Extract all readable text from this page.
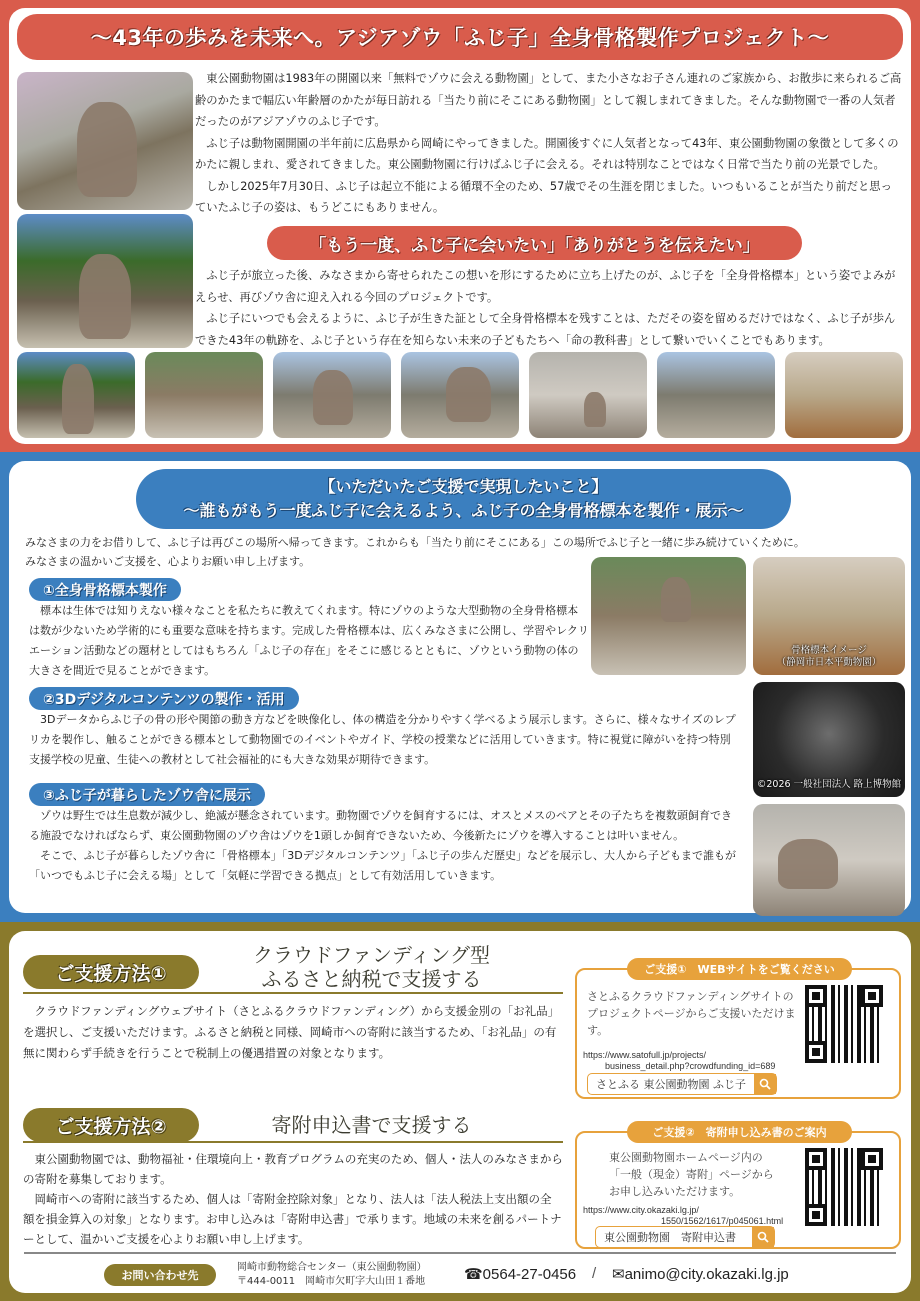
～43年の歩みを未来へ。アジアゾウ「ふじ子」全身骨格製作プロジェクト～

東公園動物園は1983年の開園以来「無料でゾウに会える動物園」として、また小さなお子さん連れのご家族から、お散歩に来られるご高齢のかたまで幅広い年齢層のかたが毎日訪れる「当たり前にそこにある動物園」として親しまれてきました。そんな動物園で一番の人気者だったのがアジアゾウのふじ子です。

ふじ子は動物園開園の半年前に広島県から岡崎にやってきました。開園後すぐに人気者となって43年、東公園動物園の象徴として多くのかたに親しまれ、愛されてきました。東公園動物園に行けばふじ子に会える。それは特別なことではなく日常で当たり前の光景でした。

しかし2025年7月30日、ふじ子は起立不能による循環不全のため、57歳でその生涯を閉じました。いつもいることが当たり前だと思っていたふじ子の姿は、もうどこにもありません。

「もう一度、ふじ子に会いたい」「ありがとうを伝えたい」

ふじ子が旅立った後、みなさまから寄せられたこの想いを形にするために立ち上げたのが、ふじ子を「全身骨格標本」という姿でよみがえらせ、再びゾウ舎に迎え入れる今回のプロジェクトです。

ふじ子にいつでも会えるように、ふじ子が生きた証として全身骨格標本を残すことは、ただその姿を留めるだけではなく、ふじ子が歩んできた43年の軌跡を、ふじ子という存在を知らない未来の子どもたちへ「命の教科書」として繋いでいくことでもあります。

【いただいたご支援で実現したいこと】
～誰もがもう一度ふじ子に会えるよう、ふじ子の全身骨格標本を製作・展示～
みなさまの力をお借りして、ふじ子は再びこの場所へ帰ってきます。これからも「当たり前にそこにある」この場所でふじ子と一緒に歩み続けていくために。
みなさまの温かいご支援を、心よりお願い申し上げます。
①全身骨格標本製作

標本は生体では知りえない様々なことを私たちに教えてくれます。特にゾウのような大型動物の全身骨格標本は数が少ないため学術的にも重要な意味を持ちます。完成した骨格標本は、広くみなさまに公開し、学習やレクリエーション活動などの題材としてはもちろん「ふじ子の存在」をそこに感じるとともに、ゾウという動物の体の大きさを間近で見ることができます。

②3Dデジタルコンテンツの製作・活用

3Dデータからふじ子の骨の形や関節の動き方などを映像化し、体の構造を分かりやすく学べるよう展示します。さらに、様々なサイズのレプリカを製作し、触ることができる標本として動物園でのイベントやガイド、学校の授業などに活用していきます。特に視覚に障がいを持つ特別支援学校の児童、生徒への教材として社会福祉的にも大きな効果が期待できます。

③ふじ子が暮らしたゾウ舎に展示

ゾウは野生では生息数が減少し、絶滅が懸念されています。動物園でゾウを飼育するには、オスとメスのペアとその子たちを複数頭飼育できる施設でなければならず、東公園動物園のゾウ舎はゾウを1頭しか飼育できないため、今後新たにゾウを導入することは叶いません。

そこで、ふじ子が暮らしたゾウ舎に「骨格標本」「3Dデジタルコンテンツ」「ふじ子の歩んだ歴史」などを展示し、大人から子どもまで誰もが「いつでもふじ子に会える場」として「気軽に学習できる拠点」として有効活用していきます。

骨格標本イメージ
（静岡市日本平動物園）
©2026 一般社団法人 路上博物館
ご支援方法①
クラウドファンディング型
ふるさと納税で支援する

クラウドファンディングウェブサイト（さとふるクラウドファンディング）から支援金別の「お礼品」を選択し、ご支援いただけます。ふるさと納税と同様、岡崎市への寄附に該当するため、「お礼品」の有無に関わらず手続きを行うことで税制上の優遇措置の対象となります。

ご支援①　WEBサイトをご覧ください
さとふるクラウドファンディングサイトのプロジェクトページからご支援いただけます。
https://www.satofull.jp/projects/
business_detail.php?crowdfunding_id=689
さとふる 東公園動物園 ふじ子
ご支援方法②	寄附申込書で支援する

東公園動物園では、動物福祉・住環境向上・教育プログラムの充実のため、個人・法人のみなさまからの寄附を募集しております。

岡崎市への寄附に該当するため、個人は「寄附金控除対象」となり、法人は「法人税法上支出額の全額を損金算入の対象」となります。お申し込みは「寄附申込書」で承ります。地域の未来を創るパートナーとして、温かいご支援を心よりお願い申し上げます。

ご支援②　寄附申し込み書のご案内
東公園動物園ホームページ内の
「一般（現金）寄附」ページから
お申し込みいただけます。
https://www.city.okazaki.lg.jp/
1550/1562/1617/p045061.html
東公園動物園　寄附申込書
お問い合わせ先
岡崎市動物総合センター（東公園動物園）
〒444-0011　岡崎市欠町字大山田１番地	☎0564-27-0456 / ✉animo@city.okazaki.lg.jp
